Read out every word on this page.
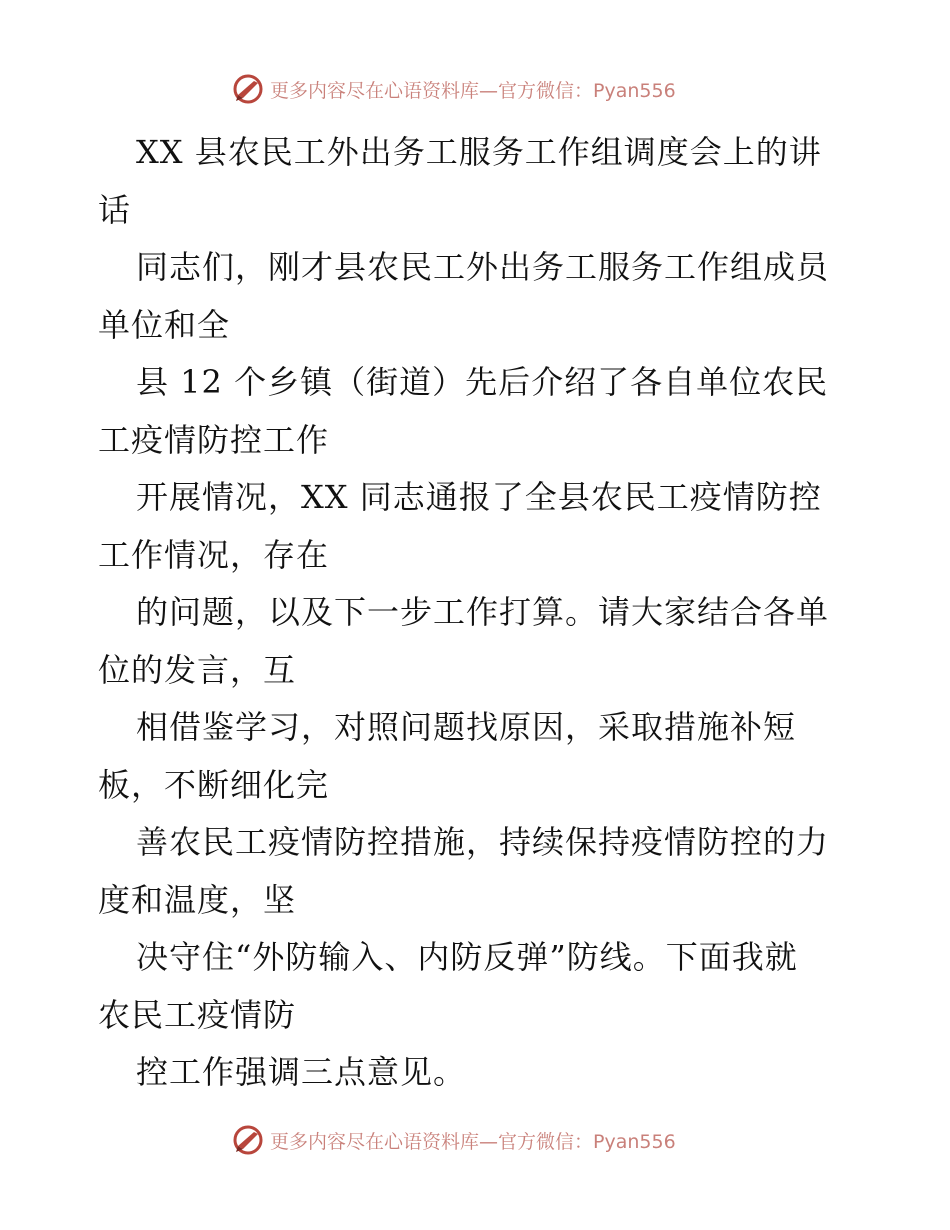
更多内容尽在心语资料库—官方微信：Pyan556
XX 县农民工外出务工服务工作组调度会上的讲
话
同志们，刚才县农民工外出务工服务工作组成员
单位和全
县 12 个乡镇（街道）先后介绍了各自单位农民
工疫情防控工作
开展情况，XX 同志通报了全县农民工疫情防控
工作情况，存在
的问题，以及下一步工作打算。请大家结合各单
位的发言，互
相借鉴学习，对照问题找原因，采取措施补短
板，不断细化完
善农民工疫情防控措施，持续保持疫情防控的力
度和温度，坚
决守住“外防输入、内防反弹”防线。下面我就
农民工疫情防
控工作强调三点意见。
更多内容尽在心语资料库—官方微信：Pyan556
